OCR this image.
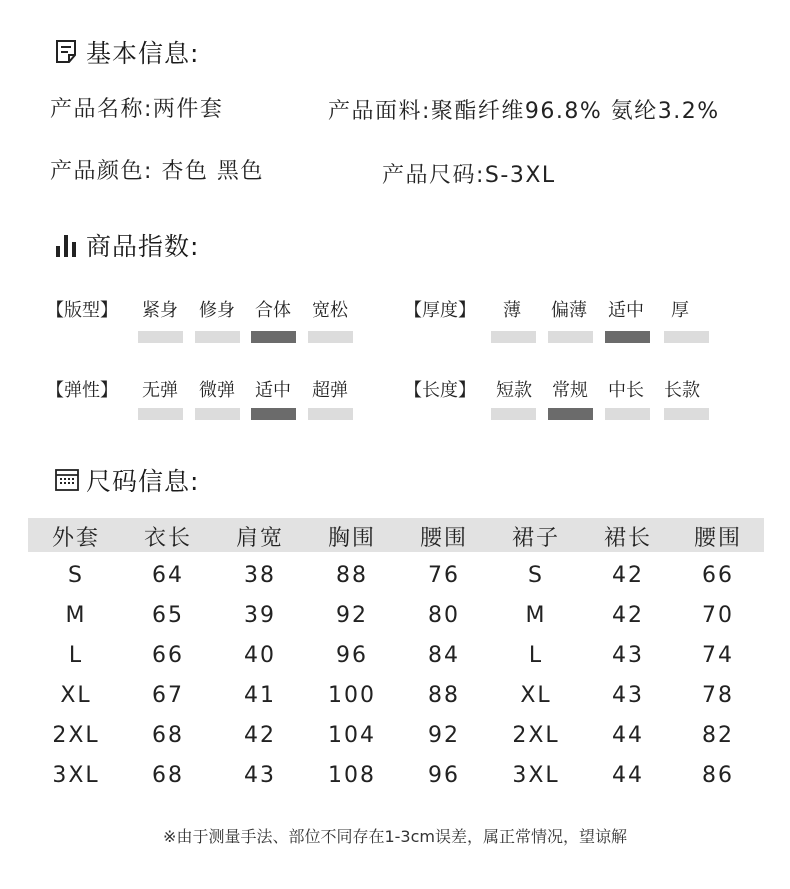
基本信息:
产品名称:两件套	产品面料:聚酯纤维96.8% 氨纶3.2%
产品颜色: 杏色 黑色	产品尺码:S-3XL
商品指数:
【版型】	紧身	修身	合体	宽松	【厚度】	薄	偏薄	适中	厚
【弹性】	无弹	微弹	适中	超弹	【长度】	短款	常规	中长	长款
尺码信息:
外套	衣长	肩宽	胸围	腰围	裙子	裙长	腰围
S	64	38	88	76	S	42	66
M	65	39	92	80	M	42	70
L	66	40	96	84	L	43	74
XL	67	41	100	88	XL	43	78
2XL	68	42	104	92	2XL	44	82
3XL	68	43	108	96	3XL	44	86
※由于测量手法、部位不同存在1-3cm误差，属正常情况，望谅解
